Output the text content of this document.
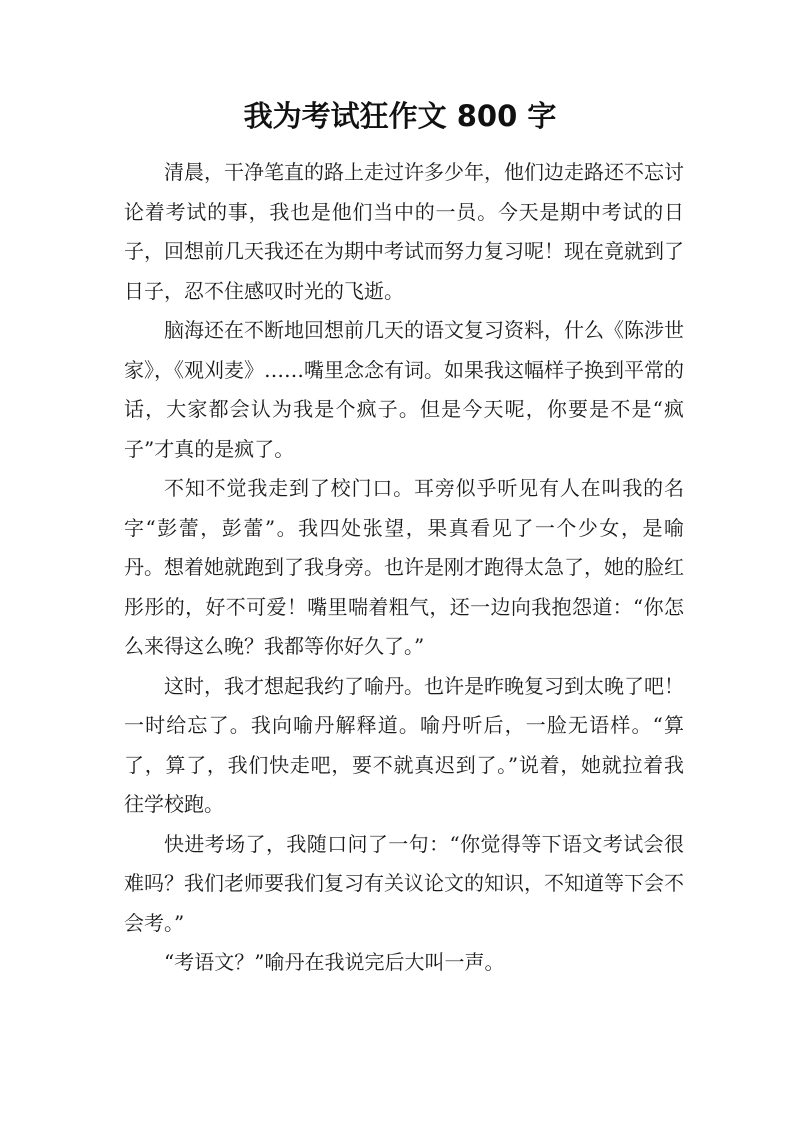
我为考试狂作文 800 字

清晨，干净笔直的路上走过许多少年，他们边走路还不忘讨论着考试的事，我也是他们当中的一员。今天是期中考试的日子，回想前几天我还在为期中考试而努力复习呢！现在竟就到了日子，忍不住感叹时光的飞逝。

脑海还在不断地回想前几天的语文复习资料，什么《陈涉世家》，《观刈麦》……嘴里念念有词。如果我这幅样子换到平常的话，大家都会认为我是个疯子。但是今天呢，你要是不是“疯子”才真的是疯了。

不知不觉我走到了校门口。耳旁似乎听见有人在叫我的名字“彭蕾，彭蕾”。我四处张望，果真看见了一个少女，是喻丹。想着她就跑到了我身旁。也许是刚才跑得太急了，她的脸红彤彤的，好不可爱！嘴里喘着粗气，还一边向我抱怨道：“你怎么来得这么晚？我都等你好久了。”

这时，我才想起我约了喻丹。也许是昨晚复习到太晚了吧！一时给忘了。我向喻丹解释道。喻丹听后，一脸无语样。“算了，算了，我们快走吧，要不就真迟到了。”说着，她就拉着我往学校跑。

快进考场了，我随口问了一句：“你觉得等下语文考试会很难吗？我们老师要我们复习有关议论文的知识，不知道等下会不会考。”

“考语文？”喻丹在我说完后大叫一声。
